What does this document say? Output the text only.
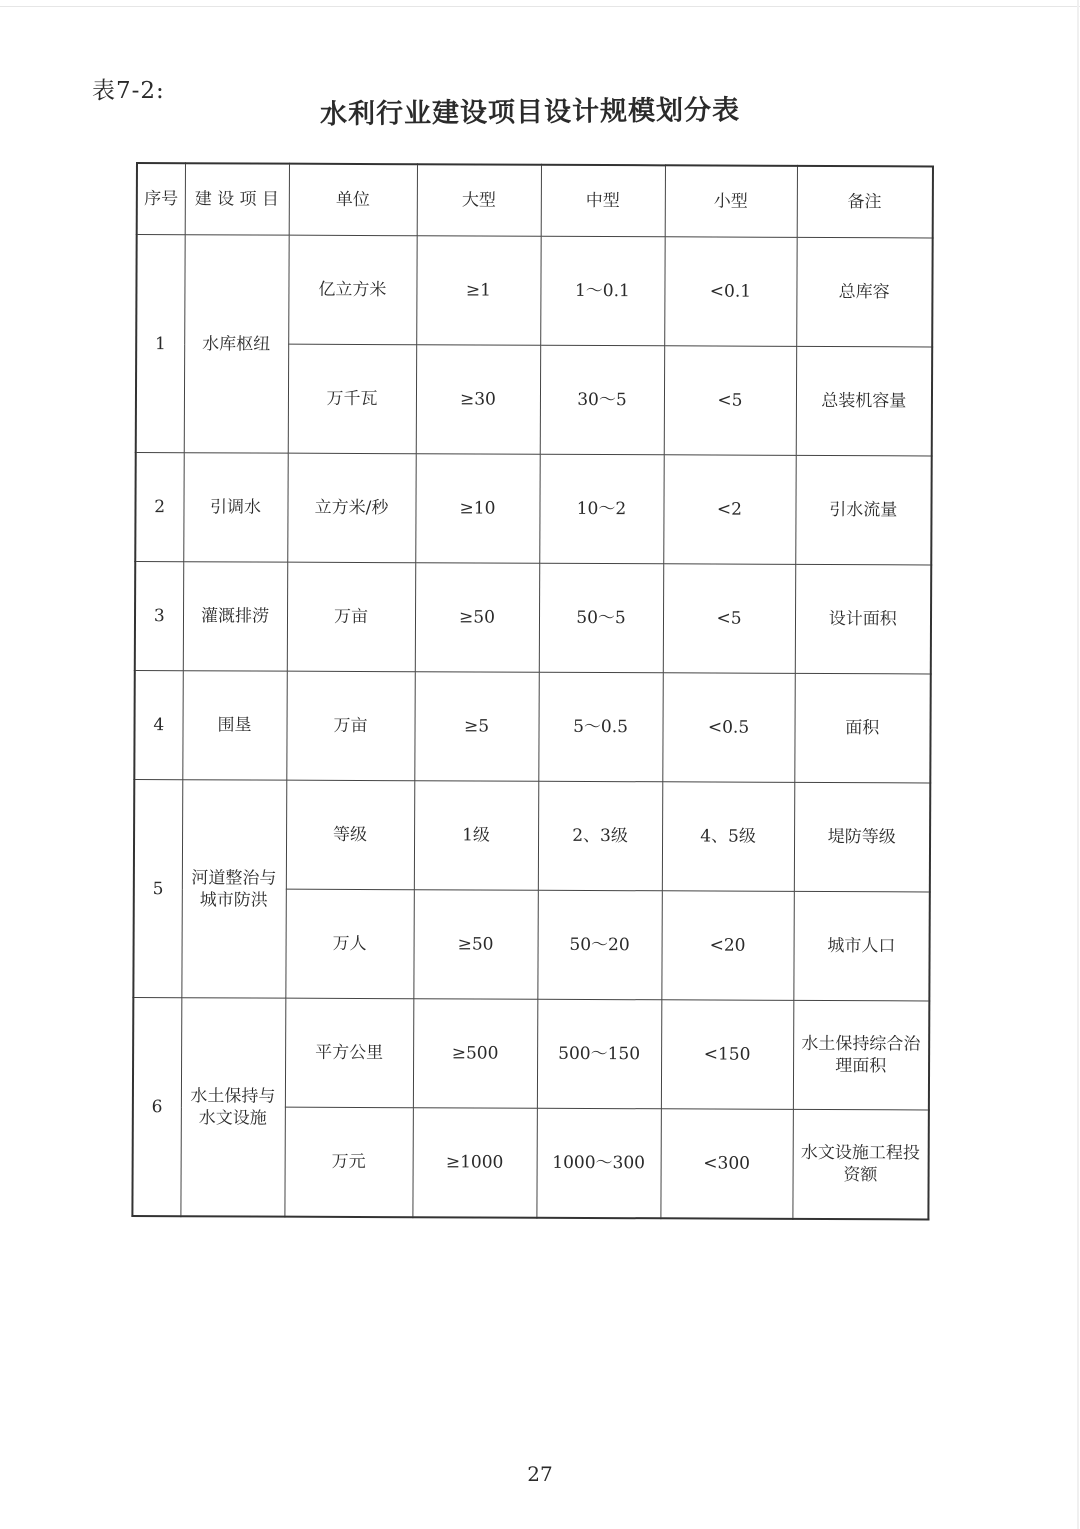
表7-2:
水利行业建设项目设计规模划分表
序号	建 设 项 目	单位	大型	中型	小型	备注
1	水库枢纽	亿立方米	≥1	1～0.1	<0.1	总库容
		万千瓦	≥30	30～5	<5	总装机容量
2	引调水	立方米/秒	≥10	10～2	<2	引水流量
3	灌溉排涝	万亩	≥50	50～5	<5	设计面积
4	围垦	万亩	≥5	5～0.5	<0.5	面积
5	河道整治与城市防洪	等级	1级	2、3级	4、5级	堤防等级
		万人	≥50	50～20	<20	城市人口
6	水土保持与水文设施	平方公里	≥500	500～150	<150	水土保持综合治理面积
		万元	≥1000	1000～300	<300	水文设施工程投资额
27
